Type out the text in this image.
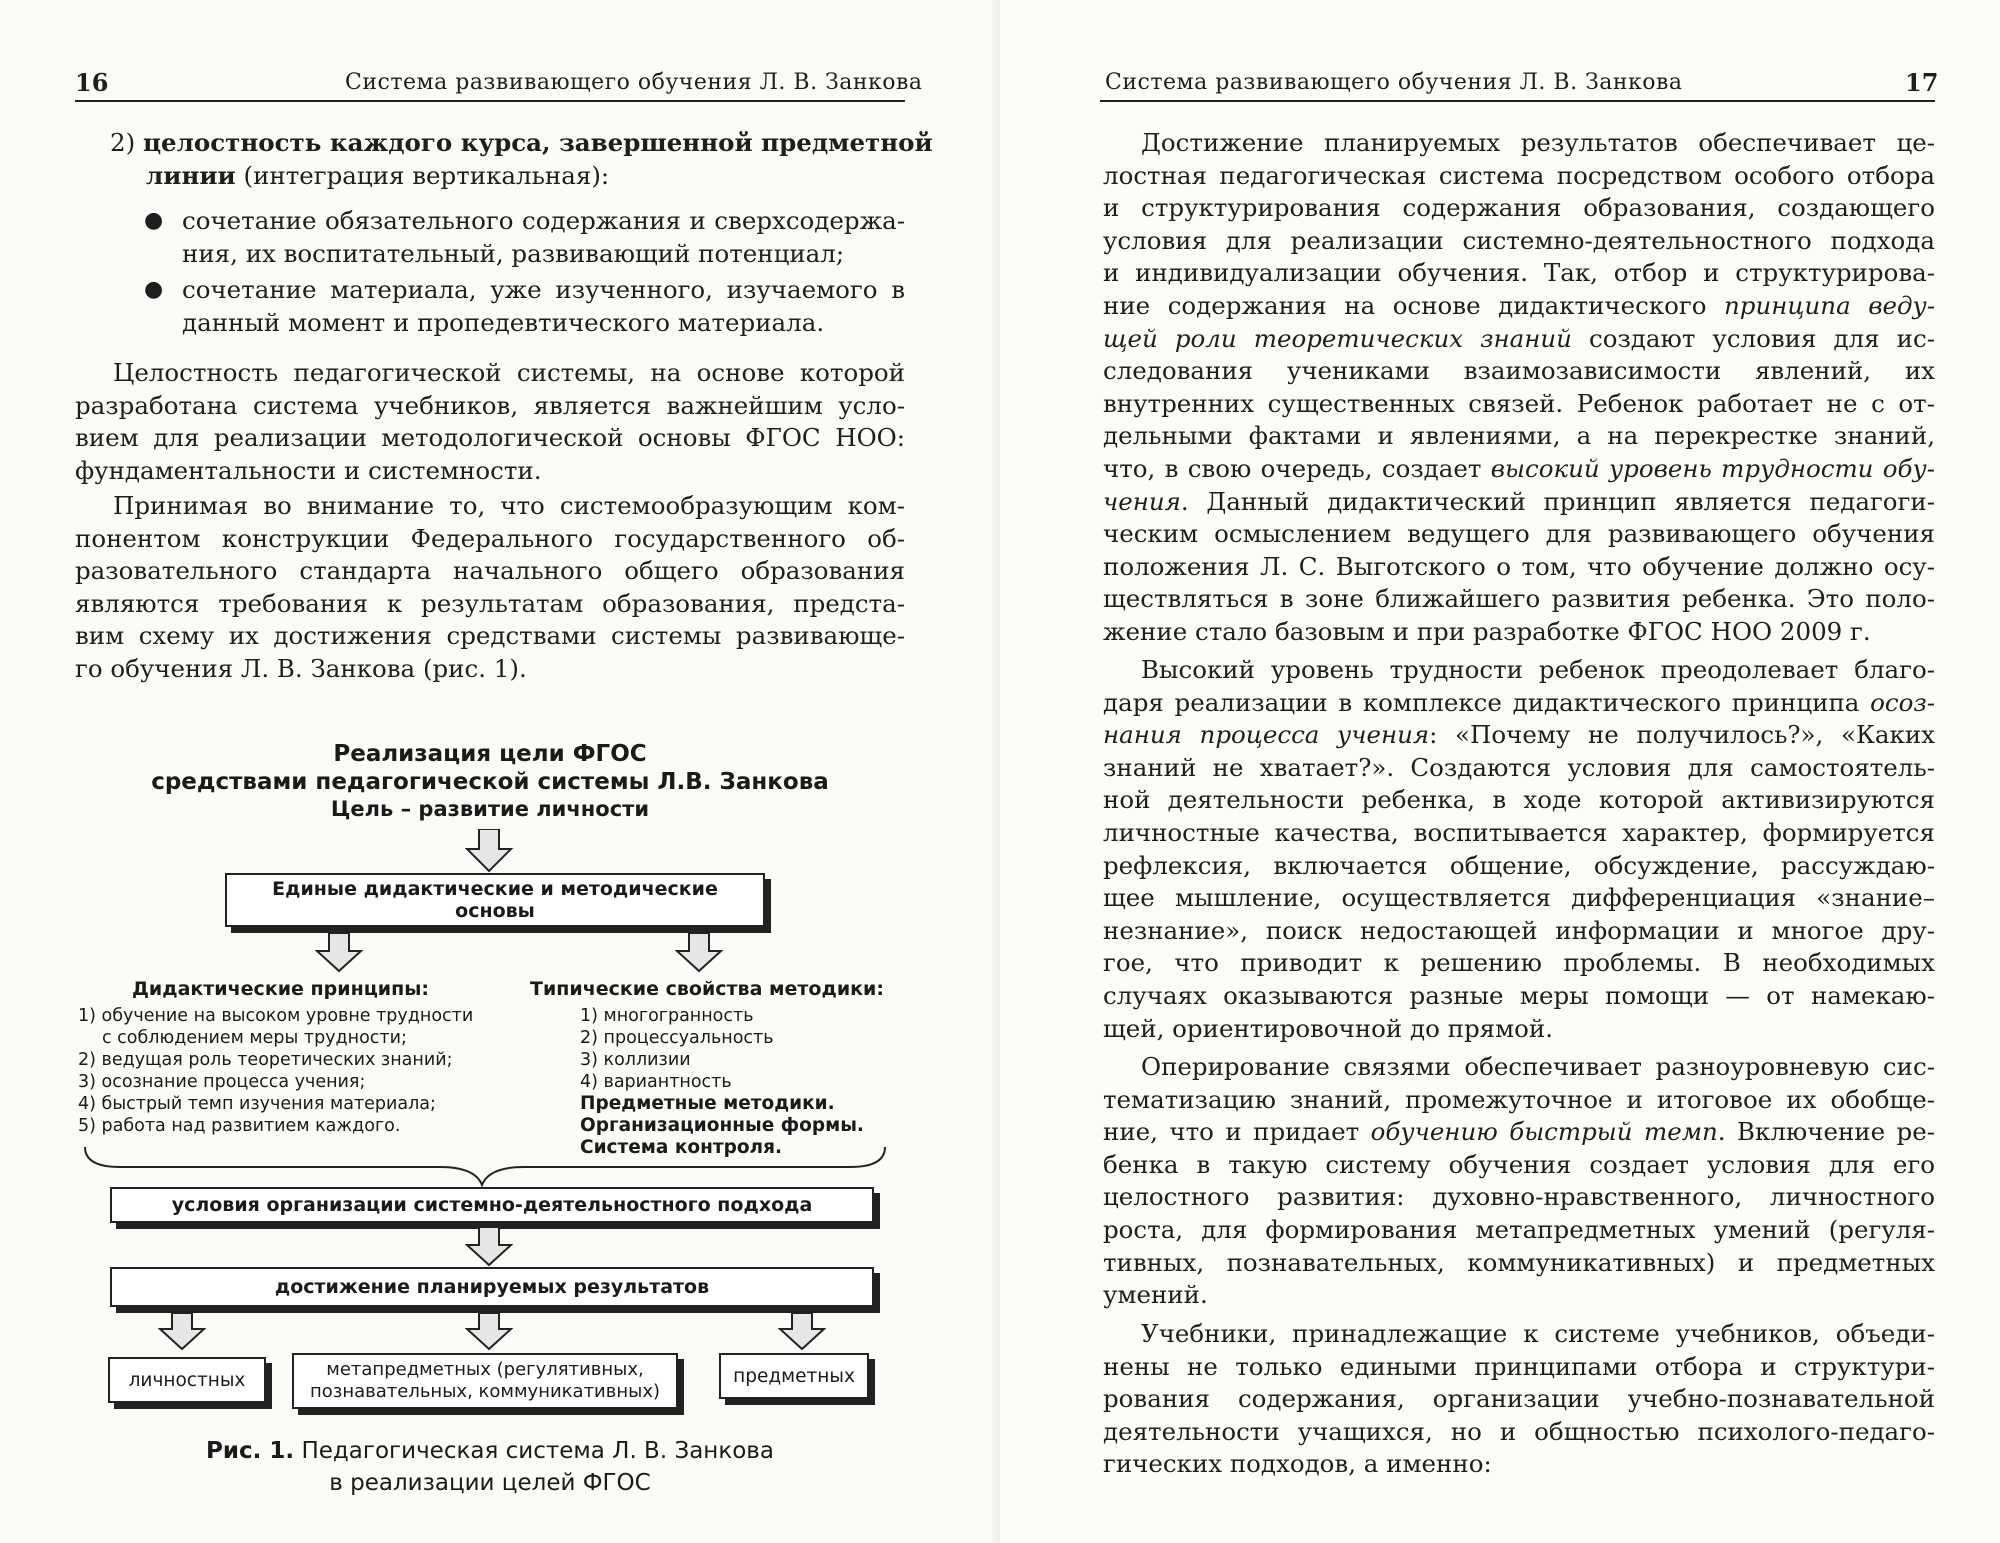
16	Система развивающего обучения Л. В. Занкова
2) целостность каждого курса, завершенной предметной
линии (интеграция вертикальная):
● сочетание обязательного содержания и сверхсодержа-
ния, их воспитательный, развивающий потенциал;
● сочетание материала, уже изученного, изучаемого в
данный момент и пропедевтического материала.
Целостность педагогической системы, на основе которой
разработана система учебников, является важнейшим усло-
вием для реализации методологической основы ФГОС НОО:
фундаментальности и системности.
Принимая во внимание то, что системообразующим ком-
понентом конструкции Федерального государственного об-
разовательного стандарта начального общего образования
являются требования к результатам образования, предста-
вим схему их достижения средствами системы развивающе-
го обучения Л. В. Занкова (рис. 1).
Реализация цели ФГОС
средствами педагогической системы Л.В. Занкова
Цель – развитие личности
Единые дидактические и методические
основы
Дидактические принципы:
1) обучение на высоком уровне трудности
с соблюдением меры трудности;
2) ведущая роль теоретических знаний;
3) осознание процесса учения;
4) быстрый темп изучения материала;
5) работа над развитием каждого.
Типические свойства методики:
1) многогранность
2) процессуальность
3) коллизии
4) вариантность
Предметные методики.
Организационные формы.
Система контроля.
условия организации системно-деятельностного подхода
достижение планируемых результатов
личностных	метапредметных (регулятивных,
познавательных, коммуникативных)
предметных
Рис. 1. Педагогическая система Л. В. Занкова
в реализации целей ФГОС
Система развивающего обучения Л. В. Занкова	17
Достижение планируемых результатов обеспечивает це-
лостная педагогическая система посредством особого отбора
и структурирования содержания образования, создающего
условия для реализации системно-деятельностного подхода
и индивидуализации обучения. Так, отбор и структурирова-
ние содержания на основе дидактического принципа веду-
щей роли теоретических знаний создают условия для ис-
следования учениками взаимозависимости явлений, их
внутренних существенных связей. Ребенок работает не с от-
дельными фактами и явлениями, а на перекрестке знаний,
что, в свою очередь, создает высокий уровень трудности обу-
чения. Данный дидактический принцип является педагоги-
ческим осмыслением ведущего для развивающего обучения
положения Л. С. Выготского о том, что обучение должно осу-
ществляться в зоне ближайшего развития ребенка. Это поло-
жение стало базовым и при разработке ФГОС НОО 2009 г.
Высокий уровень трудности ребенок преодолевает благо-
даря реализации в комплексе дидактического принципа осоз-
нания процесса учения: «Почему не получилось?», «Каких
знаний не хватает?». Создаются условия для самостоятель-
ной деятельности ребенка, в ходе которой активизируются
личностные качества, воспитывается характер, формируется
рефлексия, включается общение, обсуждение, рассуждаю-
щее мышление, осуществляется дифференциация «знание–
незнание», поиск недостающей информации и многое дру-
гое, что приводит к решению проблемы. В необходимых
случаях оказываются разные меры помощи — от намекаю-
щей, ориентировочной до прямой.
Оперирование связями обеспечивает разноуровневую сис-
тематизацию знаний, промежуточное и итоговое их обобще-
ние, что и придает обучению быстрый темп. Включение ре-
бенка в такую систему обучения создает условия для его
целостного развития: духовно-нравственного, личностного
роста, для формирования метапредметных умений (регуля-
тивных, познавательных, коммуникативных) и предметных
умений.
Учебники, принадлежащие к системе учебников, объеди-
нены не только едиными принципами отбора и структури-
рования содержания, организации учебно-познавательной
деятельности учащихся, но и общностью психолого-педаго-
гических подходов, а именно:
